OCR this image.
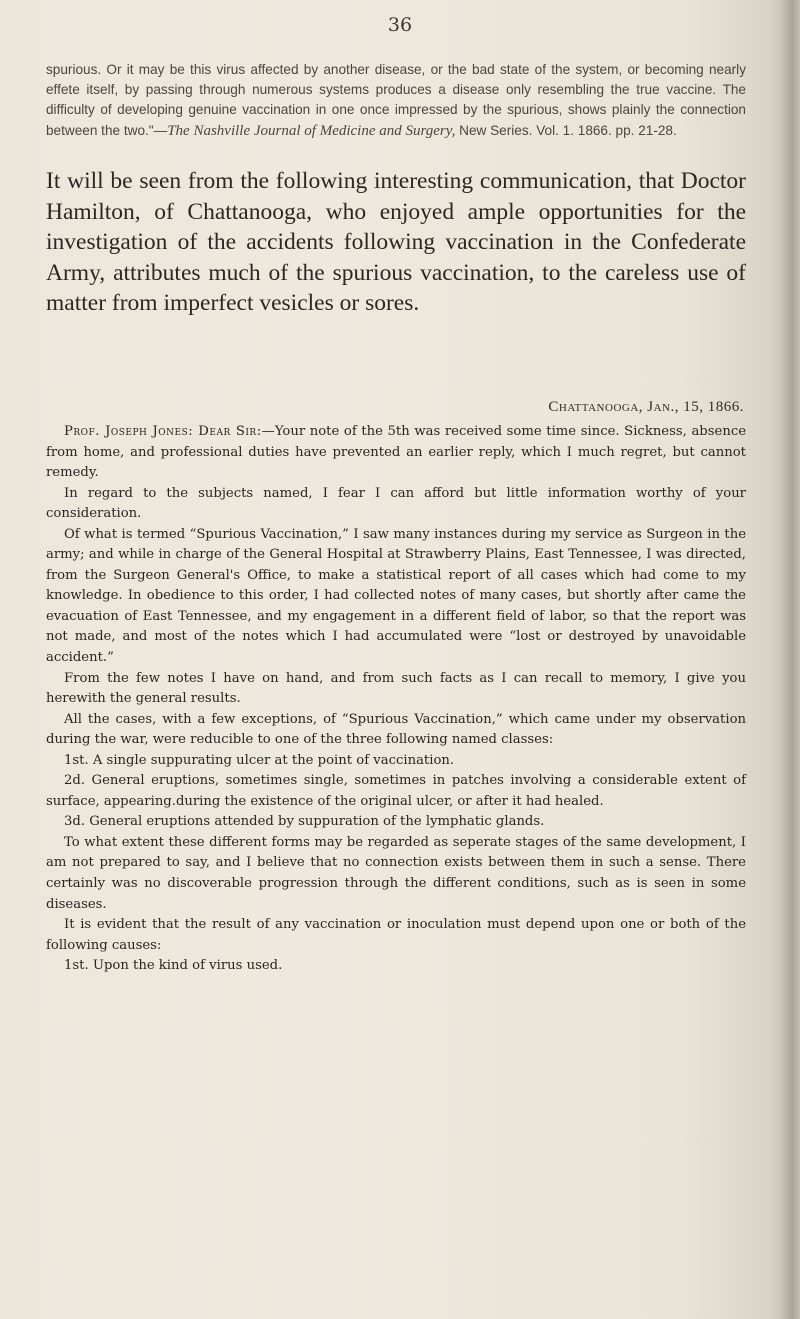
36

spurious. Or it may be this virus affected by another disease, or the bad state of the system, or becoming nearly effete itself, by passing through numerous systems produces a disease only resembling the true vaccine. The difficulty of developing genuine vaccination in one once impressed by the spurious, shows plainly the connection between the two."—The Nashville Journal of Medicine and Surgery, New Series. Vol. 1. 1866. pp. 21-28.

It will be seen from the following interesting communication, that Doctor Hamilton, of Chattanooga, who enjoyed ample opportunities for the investigation of the accidents following vaccination in the Confederate Army, attributes much of the spurious vaccination, to the careless use of matter from imperfect vesicles or sores.

Chattanooga, Jan., 15, 1866.

Prof. Joseph Jones: Dear Sir:—Your note of the 5th was received some time since. Sickness, absence from home, and professional duties have prevented an earlier reply, which I much regret, but cannot remedy.

In regard to the subjects named, I fear I can afford but little information worthy of your consideration.

Of what is termed “Spurious Vaccination,” I saw many instances during my service as Surgeon in the army; and while in charge of the General Hospital at Strawberry Plains, East Tennessee, I was directed, from the Surgeon General's Office, to make a statistical report of all cases which had come to my knowledge. In obedience to this order, I had collected notes of many cases, but shortly after came the evacuation of East Tennessee, and my engagement in a different field of labor, so that the report was not made, and most of the notes which I had accumulated were “lost or destroyed by unavoidable accident.”

From the few notes I have on hand, and from such facts as I can recall to memory, I give you herewith the general results.

All the cases, with a few exceptions, of “Spurious Vaccination,” which came under my observation during the war, were reducible to one of the three following named classes:

1st. A single suppurating ulcer at the point of vaccination.

2d. General eruptions, sometimes single, sometimes in patches involving a considerable extent of surface, appearing.during the existence of the original ulcer, or after it had healed.

3d. General eruptions attended by suppuration of the lymphatic glands.

To what extent these different forms may be regarded as seperate stages of the same development, I am not prepared to say, and I believe that no connection exists between them in such a sense. There certainly was no discoverable progression through the different conditions, such as is seen in some diseases.

It is evident that the result of any vaccination or inoculation must depend upon one or both of the following causes:

1st. Upon the kind of virus used.
